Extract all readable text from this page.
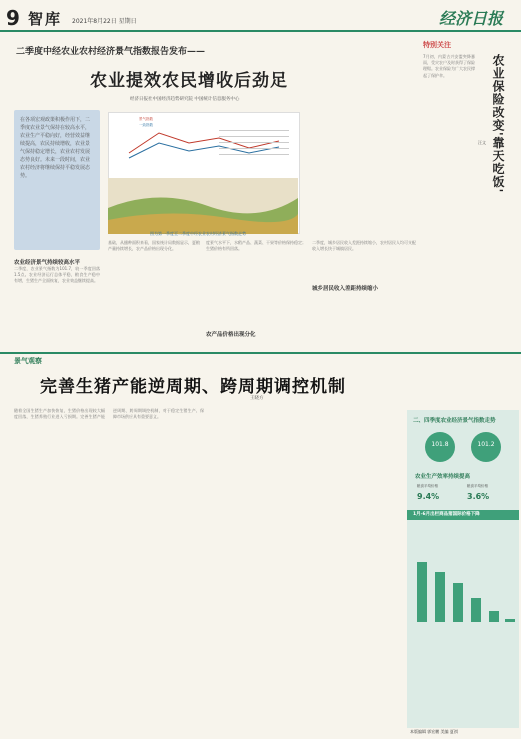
9 智库 2021年8月22日 星期日	经济日报
二季度中经农业农村经济景气指数报告发布——
农业提效农民增收后劲足
经济日报社中国经济趋势研究院 中国统计信息服务中心

在各项宏观政策积极作用下，二季度农业景气保持在较高水平，农业生产平稳向好，经营效益继续提高，农民持续增收，农业景气保持稳定增长，农业农村发展态势良好。未来一段时间，农业农村经济将继续保持平稳发展态势。

景气指数
一致指数
图为第一季度至二季度中经农业农村经济景气指数走势
农业经济景气持续较高水平
二季度，农业景气指数为101.7，较一季度回落1.5点。农业经济运行总体平稳，粮食生产稳中有增，生猪生产全面恢复，农业效益继续提高。
基础，从播种面积来看，国家统计局数据显示，夏粮产量持续增长，农产品价格出现分化。
农产品价格出现分化
度景气水平下，水稻产品、蔬菜、干果等价格保持稳定；生猪价格有所回落。
城乡居民收入差距持续缩小
二季度，城乡居民收入差距持续缩小，农村居民人均可支配收入增长快于城镇居民。
特别关注
农业保险改变'靠天吃饭'
汪文
7月初，内蒙古兴安盟突降暴雨，受灾农户及时获得了保险理赔。农业保险为广大农民撑起了保护伞。
景气观察
完善生猪产能逆周期、跨周期调控机制
王晓方
随着全国生猪生产加快恢复，生猪价格出现较大幅度回落，生猪养殖行业进入亏损期。完善生猪产能逆周期、跨周期调控机制，对于稳定生猪生产、保障市场供应具有重要意义。
二、四季度农业经济景气指数走势
101.8	101.2
农业生产效率持续提高
粮食平均价格
9.4%
粮食平均价格
3.6%
1月-6月出栏商品猪国际价格下降
本版编辑 郭宏鹏 美编 夏祺
